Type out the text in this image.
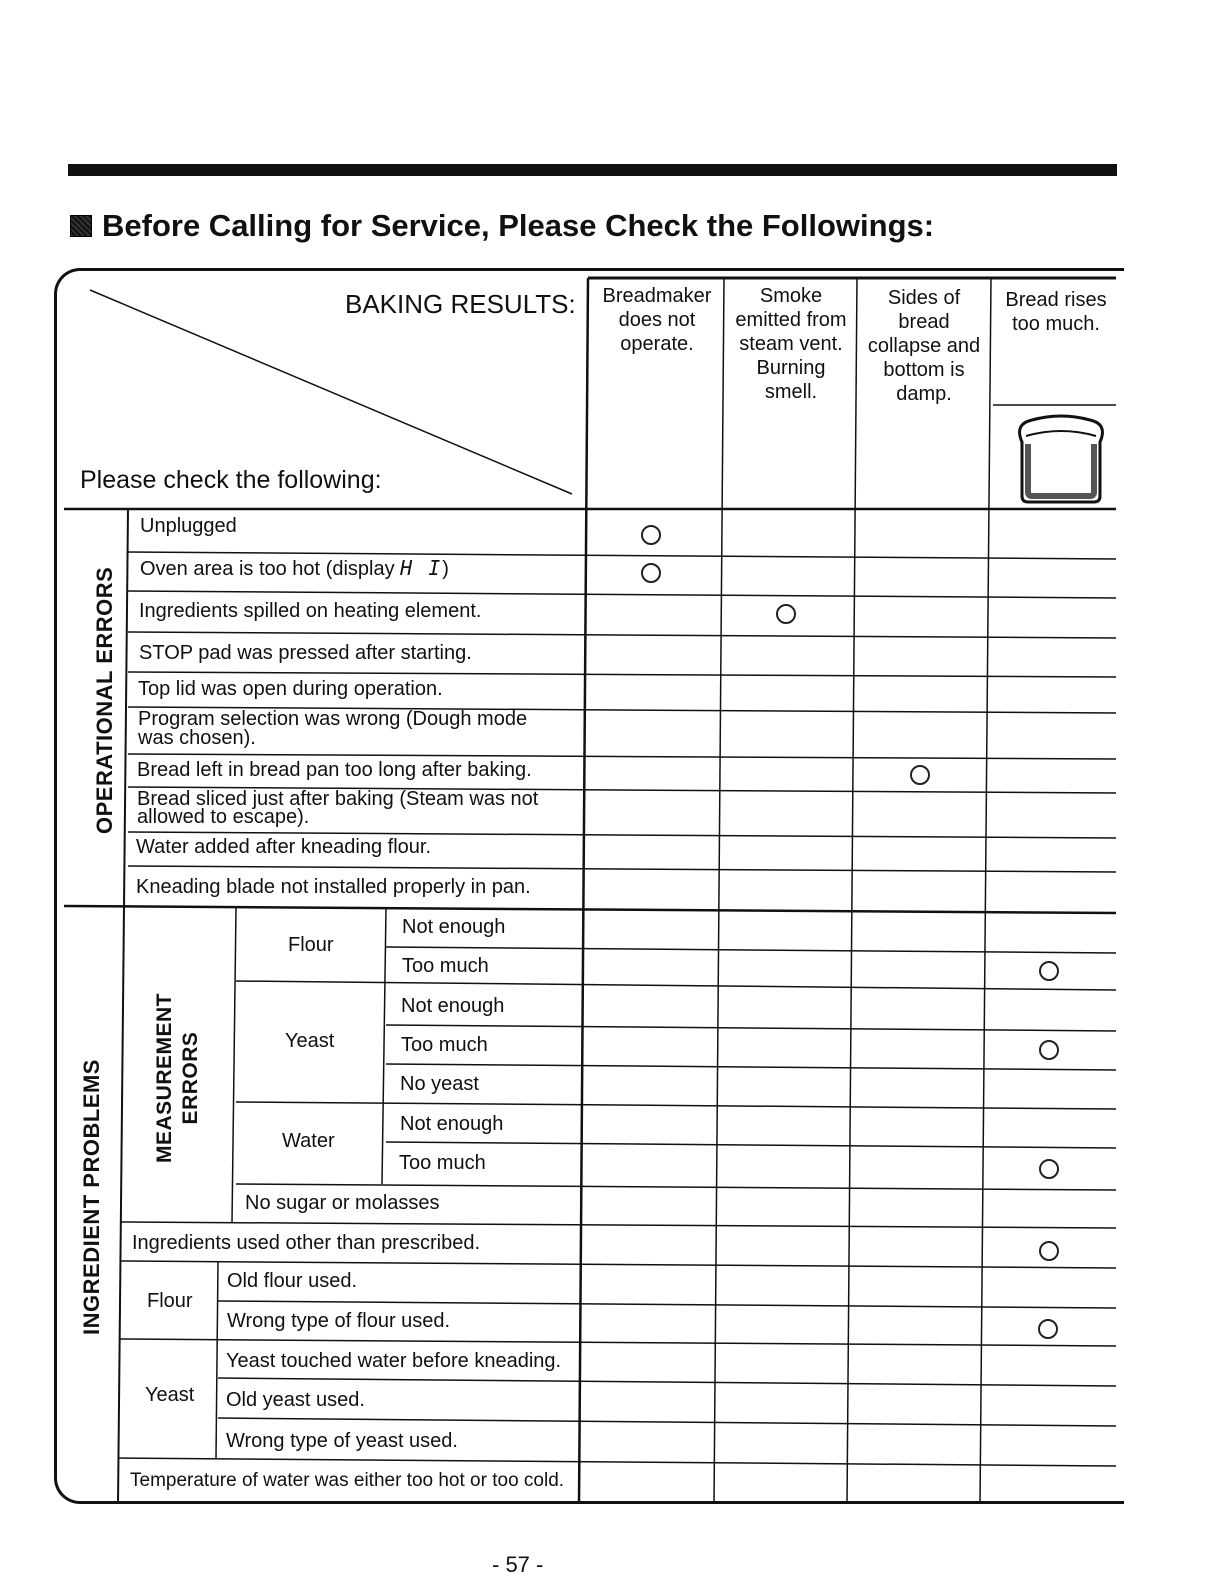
Before Calling for Service, Please Check the Followings:
BAKING RESULTS:
Please check the following:
Breadmaker does not operate.
Smoke emitted from steam vent. Burning smell.
Sides of bread collapse and bottom is damp.
Bread rises too much.
OPERATIONAL ERRORS
INGREDIENT PROBLEMS MEASUREMENT ERRORS
Unplugged
Oven area is too hot (display H I)
Ingredients spilled on heating element.
STOP pad was pressed after starting.
Top lid was open during operation.
Program selection was wrong (Dough mode
was chosen).
Bread left in bread pan too long after baking.
Bread sliced just after baking (Steam was not
allowed to escape).
Water added after kneading flour.
Kneading blade not installed properly in pan.
Flour
Yeast
Water
Not enough
Too much
Not enough
Too much
No yeast
Not enough
Too much
No sugar or molasses
Ingredients used other than prescribed.
Flour
Old flour used.
Wrong type of flour used.
Yeast
Yeast touched water before kneading.
Old yeast used.
Wrong type of yeast used.
Temperature of water was either too hot or too cold.
- 57 -
